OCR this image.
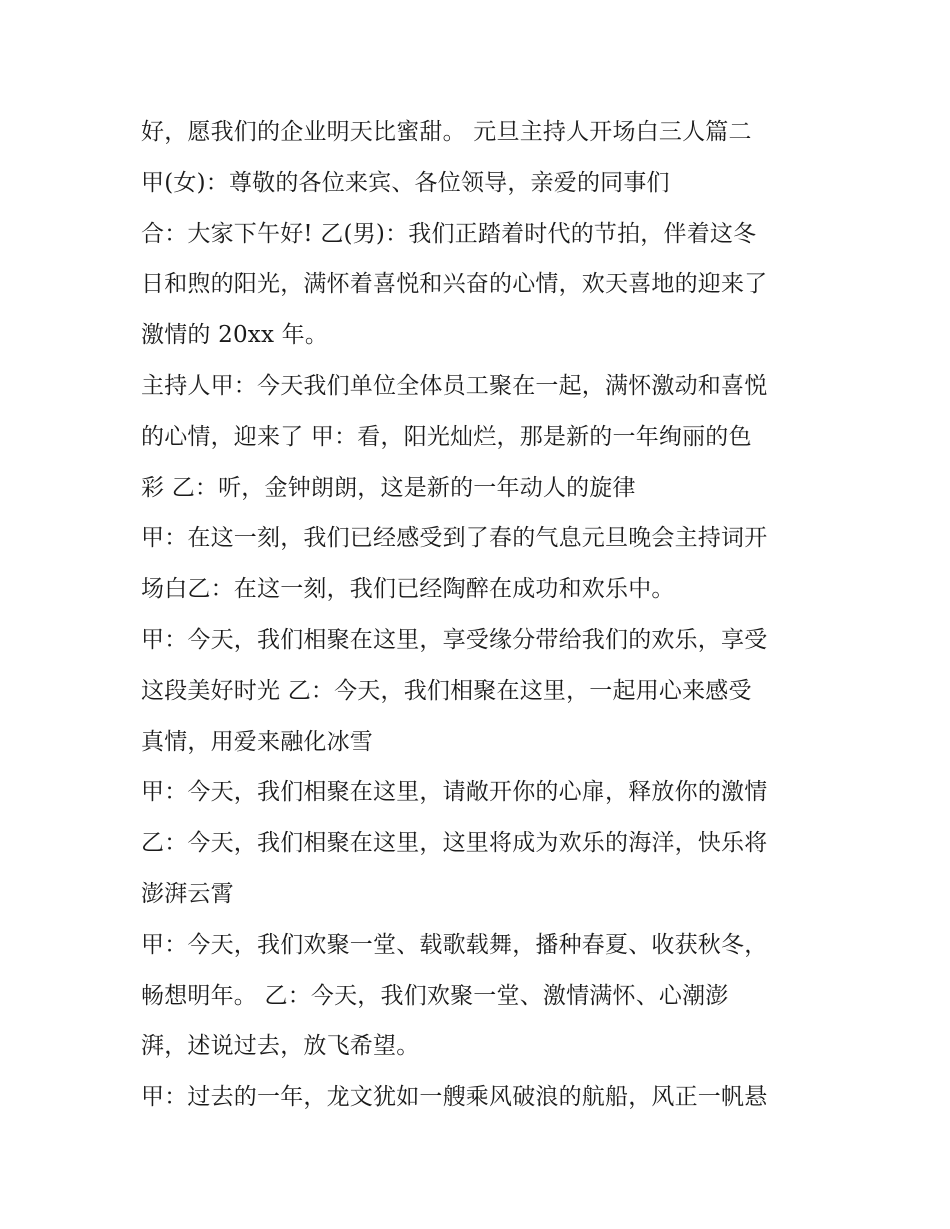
好，愿我们的企业明天比蜜甜。 元旦主持人开场白三人篇二
甲(女)：尊敬的各位来宾、各位领导，亲爱的同事们
合：大家下午好! 乙(男)：我们正踏着时代的节拍，伴着这冬
日和煦的阳光，满怀着喜悦和兴奋的心情，欢天喜地的迎来了
激情的 20xx 年。
主持人甲：今天我们单位全体员工聚在一起，满怀激动和喜悦
的心情，迎来了 甲：看，阳光灿烂，那是新的一年绚丽的色
彩 乙：听，金钟朗朗，这是新的一年动人的旋律
甲：在这一刻，我们已经感受到了春的气息元旦晚会主持词开
场白乙：在这一刻，我们已经陶醉在成功和欢乐中。
甲：今天，我们相聚在这里，享受缘分带给我们的欢乐，享受
这段美好时光 乙：今天，我们相聚在这里，一起用心来感受
真情，用爱来融化冰雪
甲：今天，我们相聚在这里，请敞开你的心扉，释放你的激情
乙：今天，我们相聚在这里，这里将成为欢乐的海洋，快乐将
澎湃云霄
甲：今天，我们欢聚一堂、载歌载舞，播种春夏、收获秋冬，
畅想明年。 乙：今天，我们欢聚一堂、激情满怀、心潮澎
湃，述说过去，放飞希望。
甲：过去的一年，龙文犹如一艘乘风破浪的航船，风正一帆悬
